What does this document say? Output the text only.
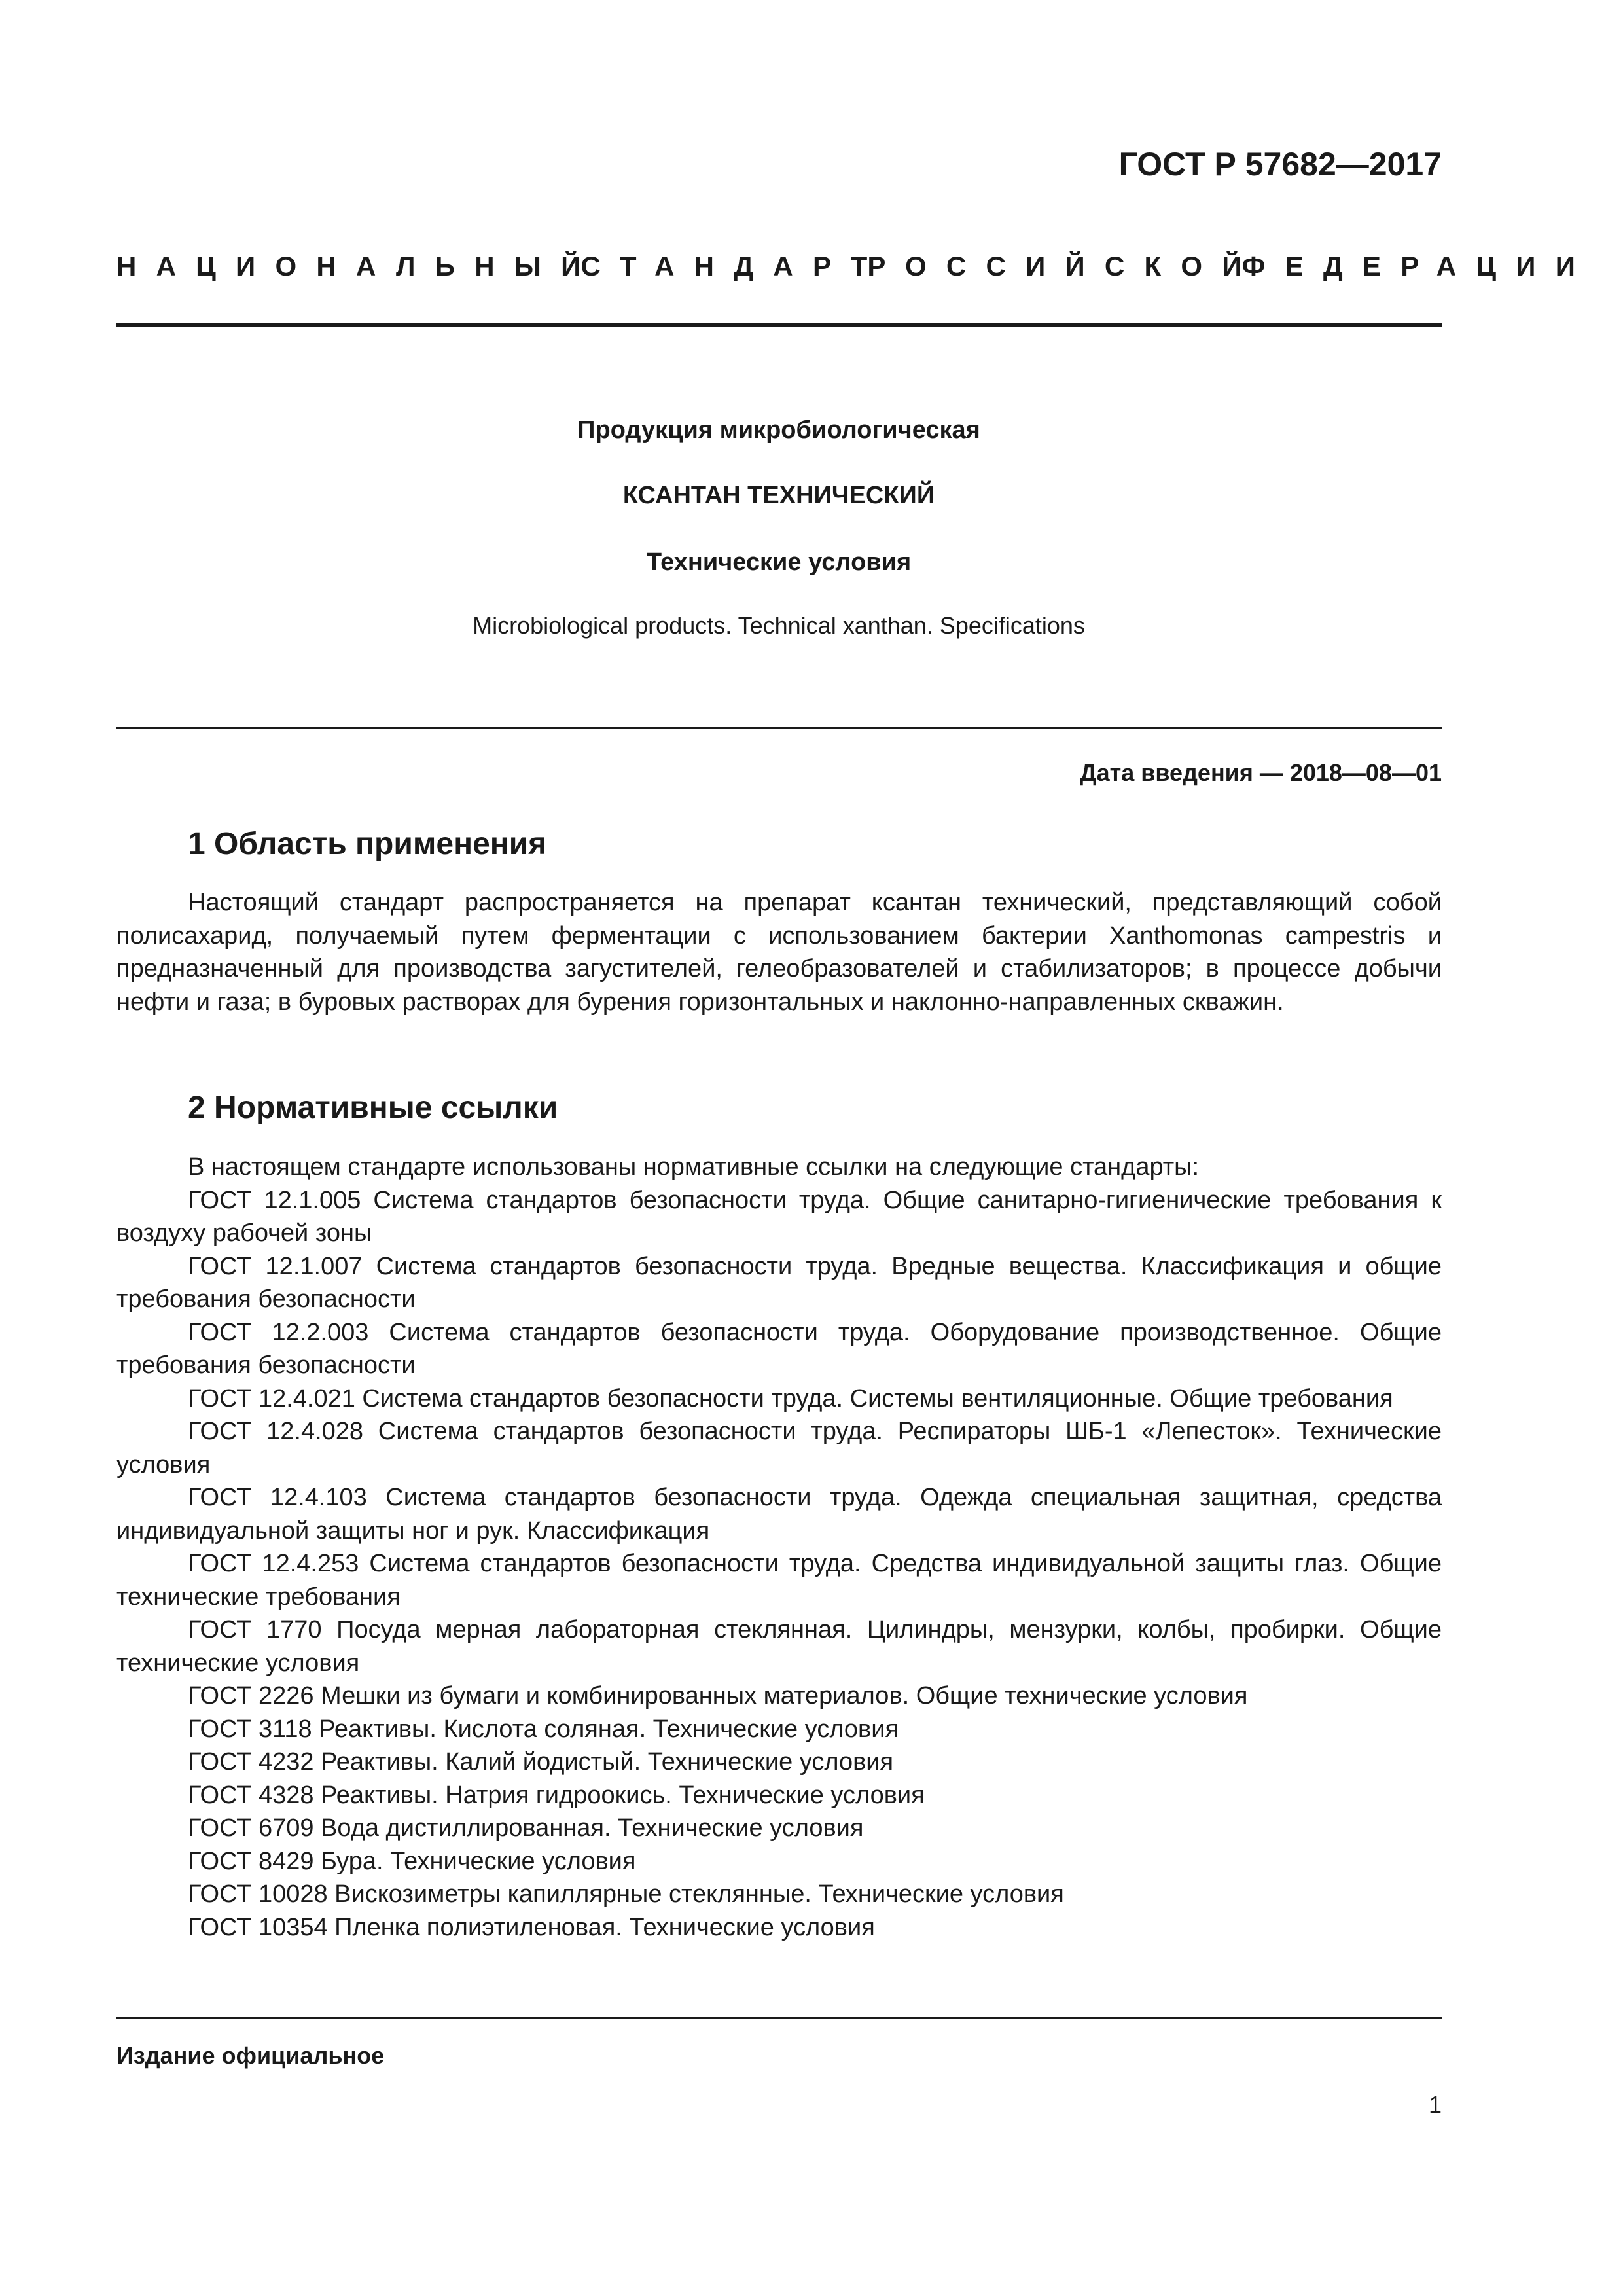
ГОСТ Р 57682—2017
НАЦИОНАЛЬНЫЙ
СТАНДАРТ
РОССИЙСКОЙ
ФЕДЕРАЦИИ
Продукция микробиологическая
КСАНТАН ТЕХНИЧЕСКИЙ
Технические условия
Microbiological products. Technical xanthan. Specifications
Дата введения — 2018—08—01
1 Область применения

Настоящий стандарт распространяется на препарат ксантан технический, представляющий собой полисахарид, получаемый путем ферментации с использованием бактерии Xanthomonas campestris и предназначенный для производства загустителей, гелеобразователей и стабилизаторов; в процессе добычи нефти и газа; в буровых растворах для бурения горизонтальных и наклонно-направленных скважин.

2 Нормативные ссылки

В настоящем стандарте использованы нормативные ссылки на следующие стандарты:

ГОСТ 12.1.005 Система стандартов безопасности труда. Общие санитарно-гигиенические требования к воздуху рабочей зоны

ГОСТ 12.1.007 Система стандартов безопасности труда. Вредные вещества. Классификация и общие требования безопасности

ГОСТ 12.2.003 Система стандартов безопасности труда. Оборудование производственное. Общие требования безопасности

ГОСТ 12.4.021 Система стандартов безопасности труда. Системы вентиляционные. Общие требования

ГОСТ 12.4.028 Система стандартов безопасности труда. Респираторы ШБ-1 «Лепесток». Технические условия

ГОСТ 12.4.103 Система стандартов безопасности труда. Одежда специальная защитная, средства индивидуальной защиты ног и рук. Классификация

ГОСТ 12.4.253 Система стандартов безопасности труда. Средства индивидуальной защиты глаз. Общие технические требования

ГОСТ 1770 Посуда мерная лабораторная стеклянная. Цилиндры, мензурки, колбы, пробирки. Общие технические условия

ГОСТ 2226 Мешки из бумаги и комбинированных материалов. Общие технические условия

ГОСТ 3118 Реактивы. Кислота соляная. Технические условия

ГОСТ 4232 Реактивы. Калий йодистый. Технические условия

ГОСТ 4328 Реактивы. Натрия гидроокись. Технические условия

ГОСТ 6709 Вода дистиллированная. Технические условия

ГОСТ 8429 Бура. Технические условия

ГОСТ 10028 Вискозиметры капиллярные стеклянные. Технические условия

ГОСТ 10354 Пленка полиэтиленовая. Технические условия

Издание официальное
1
